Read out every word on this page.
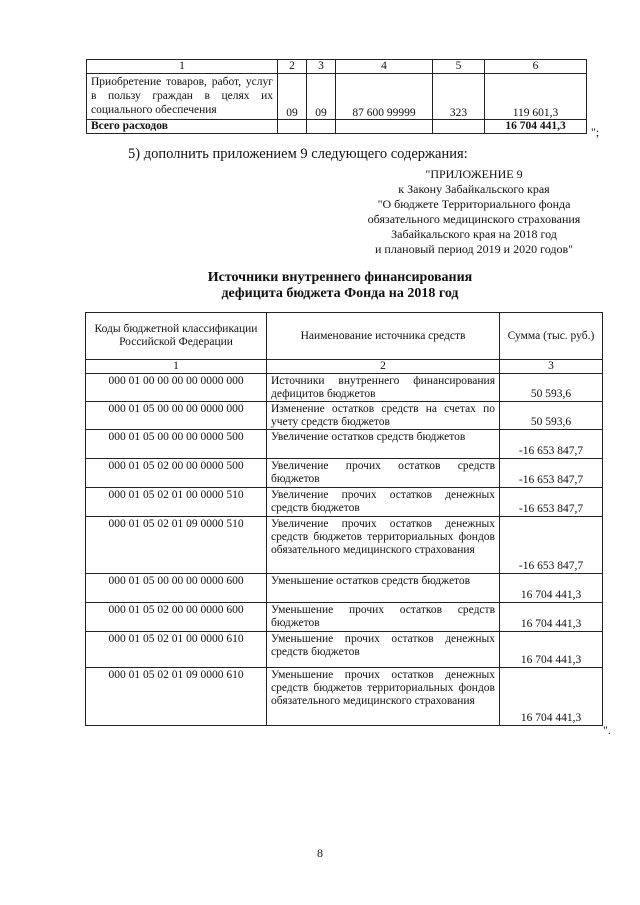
1	2	3	4	5	6
Приобретение товаров, работ, услуг в пользу граждан в целях их социального обеспечения	09	09	87 600 99999	323	119 601,3
Всего расходов					16 704 441,3 ";
5) дополнить приложением 9 следующего содержания:
"ПРИЛОЖЕНИЕ 9
к Закону Забайкальского края
"О бюджете Территориального фонда
обязательного медицинского страхования
Забайкальского края на 2018 год
и плановый период 2019 и 2020 годов"
Источники внутреннего финансирования
дефицита бюджета Фонда на 2018 год
Коды бюджетной классификации Российской Федерации	Наименование источника средств	Сумма (тыс. руб.)
1	2	3
000 01 00 00 00 00 0000 000	Источники внутреннего финансирования дефицитов бюджетов	50 593,6
000 01 05 00 00 00 0000 000	Изменение остатков средств на счетах по учету средств бюджетов	50 593,6
000 01 05 00 00 00 0000 500	Увеличение остатков средств бюджетов	-16 653 847,7
000 01 05 02 00 00 0000 500	Увеличение прочих остатков средств бюджетов	-16 653 847,7
000 01 05 02 01 00 0000 510	Увеличение прочих остатков денежных средств бюджетов	-16 653 847,7
000 01 05 02 01 09 0000 510	Увеличение прочих остатков денежных средств бюджетов территориальных фондов обязательного медицинского страхования	-16 653 847,7
000 01 05 00 00 00 0000 600	Уменьшение остатков средств бюджетов	16 704 441,3
000 01 05 02 00 00 0000 600	Уменьшение прочих остатков средств бюджетов	16 704 441,3
000 01 05 02 01 00 0000 610	Уменьшение прочих остатков денежных средств бюджетов	16 704 441,3
000 01 05 02 01 09 0000 610	Уменьшение прочих остатков денежных средств бюджетов территориальных фондов обязательного медицинского страхования	16 704 441,3
".
8
